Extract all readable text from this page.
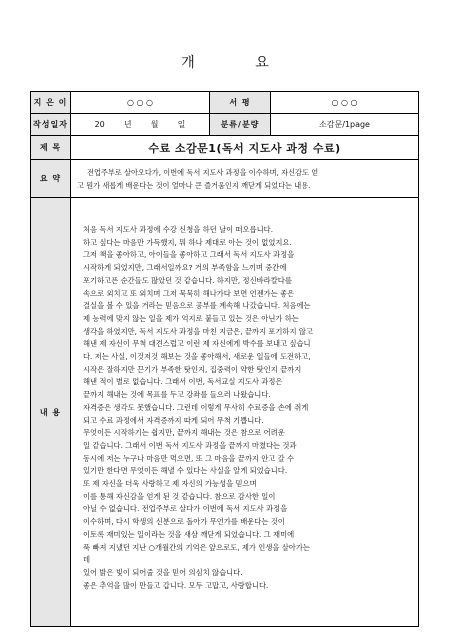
개 요
지 은 이	○ ○ ○	서 평	○ ○ ○
작성일자	20 년 월 일	분류/분량	소감문/1page
제 목	수료 소감문1(독서 지도사 과정 수료)
요 약
전업주부로 살아오다가, 이번에 독서 지도사 과정을 이수하며, 자신감도 얻
고 뭔가 새롭게 배운다는 것이 얼마나 큰 즐거움인지 깨닫게 되었다는 내용.
내 용
처음 독서 지도사 과정에 수강 신청을 하던 날이 떠오릅니다.
하고 싶다는 마음만 가득했지, 뭐 하나 제대로 아는 것이 없었지요.
그저 책을 좋아하고, 아이들을 좋아하고 그래서 독서 지도사 과정을
시작하게 되었지만, 그래서일까요? 거의 부족함을 느끼며 중간에
포기하고픈 순간들도 많았던 것 같습니다. 하지만, 정신바라칼다를
속으로 외치고 또 외치며 그저 묵묵히 해나가다 보면 언젠가는 좋은
결실을 볼 수 있을 거라는 믿음으로 공부를 계속해 나갔습니다. 처음에는
제 능력에 맞지 않는 일을 제가 억지로 붙들고 있는 것은 아닌가 하는
생각을 하였지만, 독서 지도사 과정을 마친 지금은, 끝까지 포기하지 않고
해낸 제 자신이 무척 대견스럽고 이런 제 자신에게 박수를 보내고 싶습니
다. 저는 사실, 이것저것 해보는 것을 좋아해서, 새로운 일들에 도전하고,
시작은 잘하지만 끈기가 부족한 탓인지, 집중력이 약한 탓인지 끝까지
해낸 적이 별로 없습니다. 그래서 이번, 독서교실 지도사 과정은
끝까지 해내는 것에 목표를 두고 강좌를 들으러 나왔습니다.
자격증은 생각도 못했습니다. 그런데 이렇게 무사히 수료증을 손에 쥐게
되고 수료 과정에서 자격증까지 따게 되어 무척 기쁩니다.
무엇이든 시작하기는 쉽지만, 끝까지 해내는 것은 참으로 어려운
일 같습니다. 그래서 이번 독서 지도사 과정을 끝까지 마쳤다는 것과
동시에 저는 누구나 마음만 먹으면, 또 그 마음을 끝까지 안고 갈 수
있기만 한다면 무엇이든 해낼 수 있다는 사실을 알게 되었습니다.
또 제 자신을 더욱 사랑하고 제 자신의 가능성을 믿으며
이를 통해 자신감을 얻게 된 것 같습니다. 참으로 감사한 일이
아닐 수 없습니다. 전업주부로 살다가 이번에 독서 지도사 과정을
이수하며, 다시 학생의 신분으로 돌아가 무언가를 배운다는 것이
이토록 재미있는 일이라는 것을 새삼 깨닫게 되었습니다. 그 재미에
푹 빠져 지냈던 지난 ○개월간의 기억은 앞으로도, 제가 인생을 살아가는
데
있어 밝은 빛이 되어줄 것을 믿어 의심치 않습니다.
좋은 추억을 많이 만들고 갑니다. 모두 고맙고, 사랑합니다.
